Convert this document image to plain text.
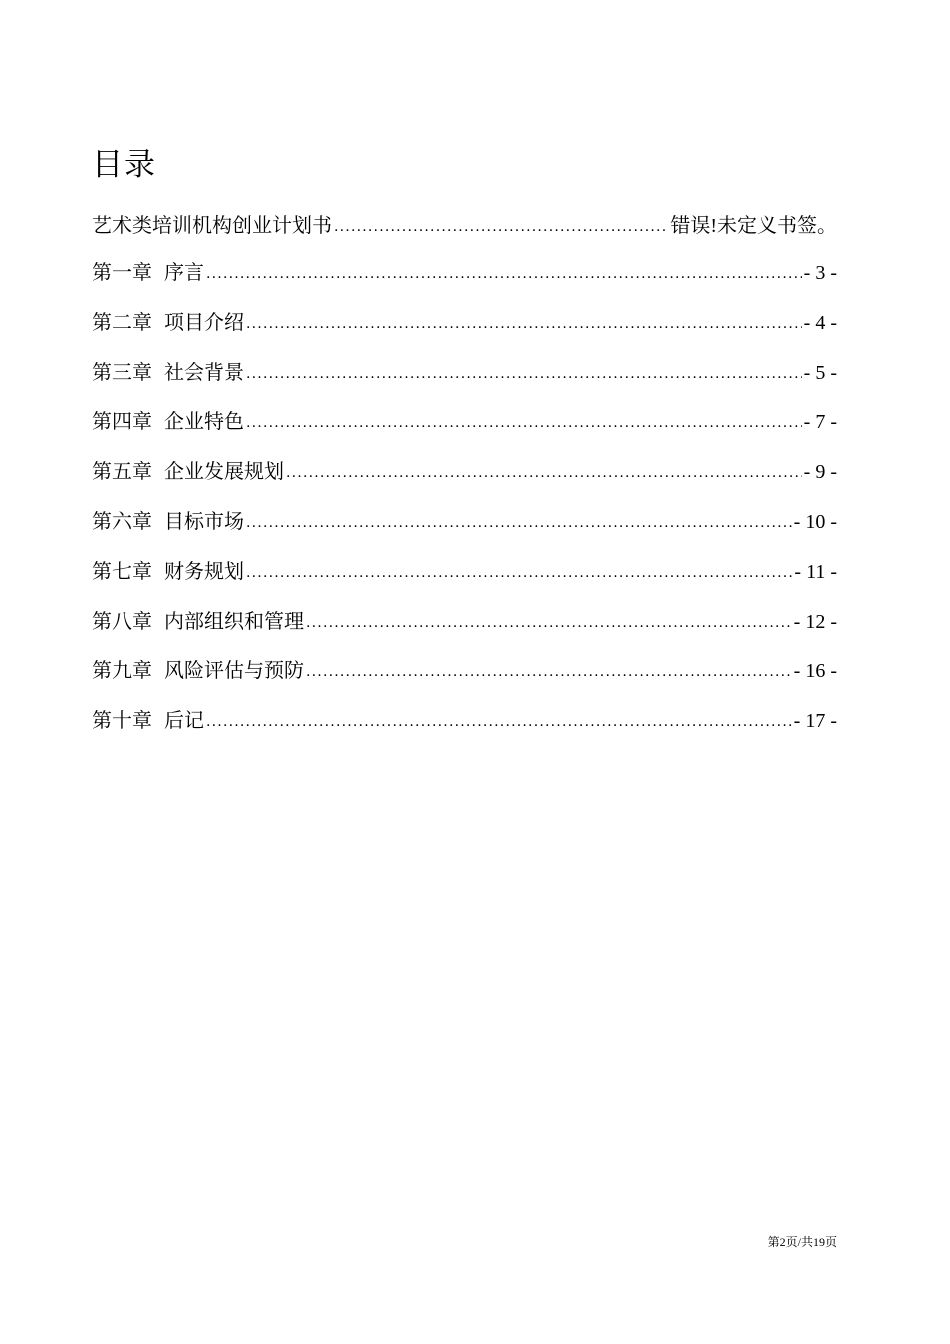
目录
艺术类培训机构创业计划书 .....	错误!未定义书签。
第一章 序言 .....	- 3 -
第二章 项目介绍 .....	- 4 -
第三章 社会背景 .....	- 5 -
第四章 企业特色 .....	- 7 -
第五章 企业发展规划 .....	- 9 -
第六章 目标市场 .....	- 10 -
第七章 财务规划 .....	- 11 -
第八章 内部组织和管理 .....	- 12 -
第九章 风险评估与预防 .....	- 16 -
第十章 后记 .....	- 17 -
第2页/共19页
